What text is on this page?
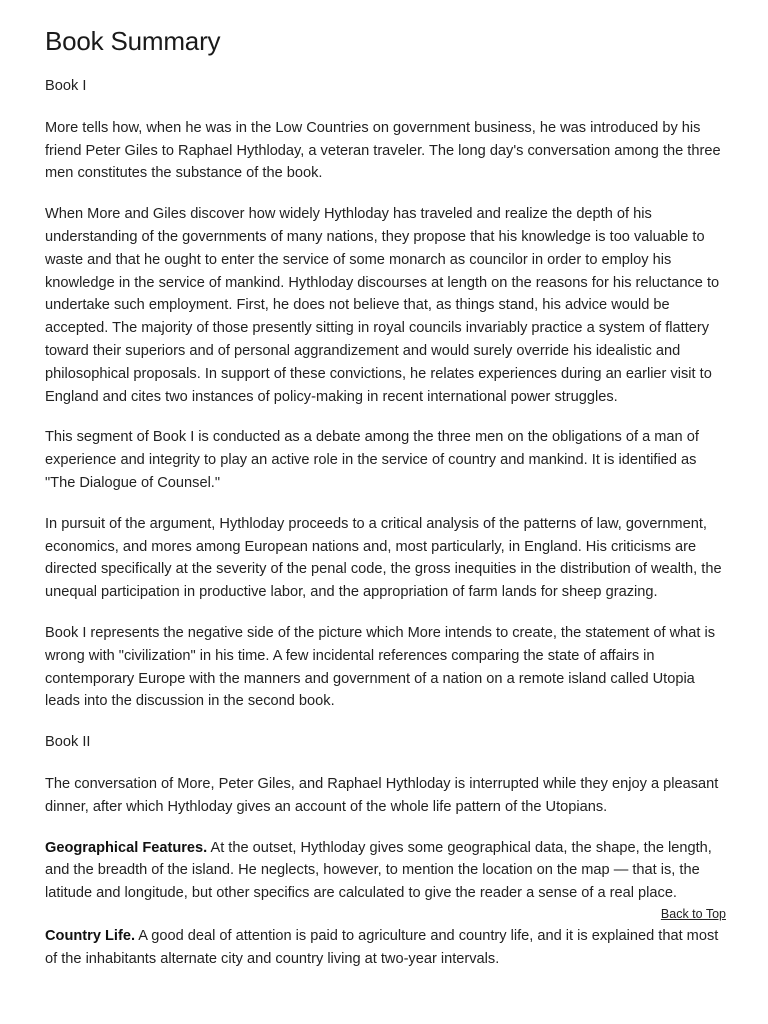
Book Summary

Book I

More tells how, when he was in the Low Countries on government business, he was introduced by his friend Peter Giles to Raphael Hythloday, a veteran traveler. The long day's conversation among the three men constitutes the substance of the book.

When More and Giles discover how widely Hythloday has traveled and realize the depth of his understanding of the governments of many nations, they propose that his knowledge is too valuable to waste and that he ought to enter the service of some monarch as councilor in order to employ his knowledge in the service of mankind. Hythloday discourses at length on the reasons for his reluctance to undertake such employment. First, he does not believe that, as things stand, his advice would be accepted. The majority of those presently sitting in royal councils invariably practice a system of flattery toward their superiors and of personal aggrandizement and would surely override his idealistic and philosophical proposals. In support of these convictions, he relates experiences during an earlier visit to England and cites two instances of policy-making in recent international power struggles.

This segment of Book I is conducted as a debate among the three men on the obligations of a man of experience and integrity to play an active role in the service of country and mankind. It is identified as "The Dialogue of Counsel."

In pursuit of the argument, Hythloday proceeds to a critical analysis of the patterns of law, government, economics, and mores among European nations and, most particularly, in England. His criticisms are directed specifically at the severity of the penal code, the gross inequities in the distribution of wealth, the unequal participation in productive labor, and the appropriation of farm lands for sheep grazing.

Book I represents the negative side of the picture which More intends to create, the statement of what is wrong with "civilization" in his time. A few incidental references comparing the state of affairs in contemporary Europe with the manners and government of a nation on a remote island called Utopia leads into the discussion in the second book.

Book II

The conversation of More, Peter Giles, and Raphael Hythloday is interrupted while they enjoy a pleasant dinner, after which Hythloday gives an account of the whole life pattern of the Utopians.

Geographical Features. At the outset, Hythloday gives some geographical data, the shape, the length, and the breadth of the island. He neglects, however, to mention the location on the map — that is, the latitude and longitude, but other specifics are calculated to give the reader a sense of a real place.

Back to Top

Country Life. A good deal of attention is paid to agriculture and country life, and it is explained that most of the inhabitants alternate city and country living at two-year intervals.
